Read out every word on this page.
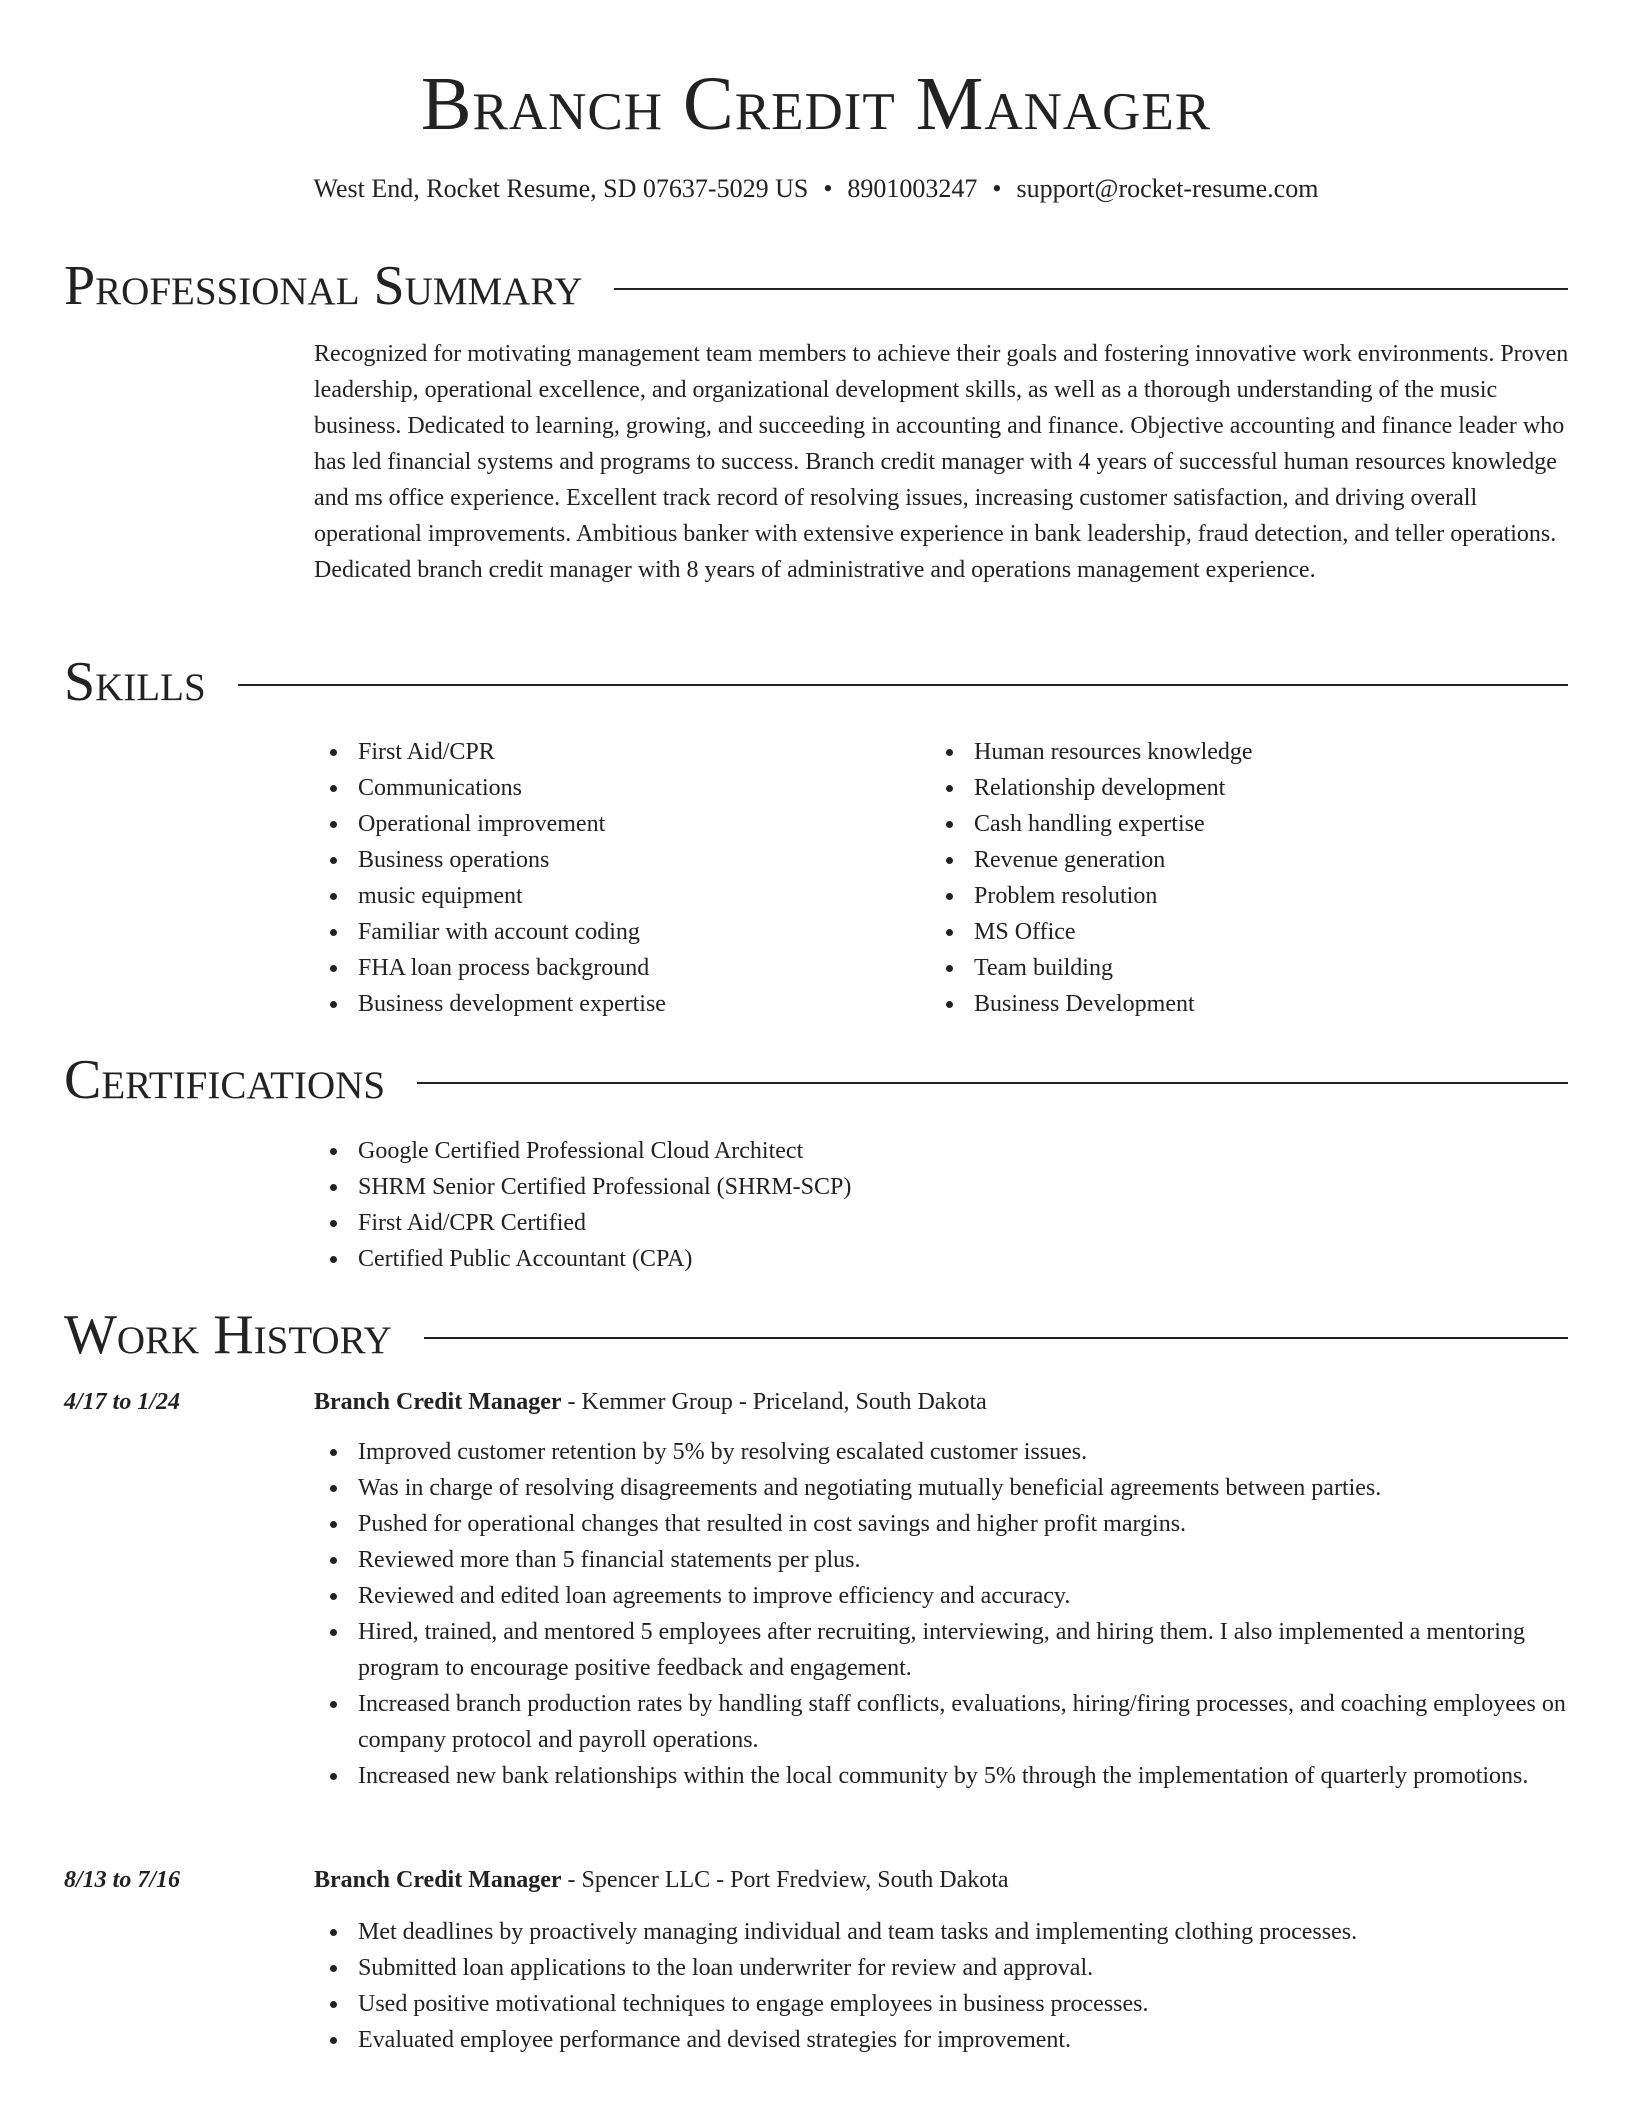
Branch Credit Manager
West End, Rocket Resume, SD 07637-5029 US • 8901003247 • support@rocket-resume.com
Professional Summary

Recognized for motivating management team members to achieve their goals and fostering innovative work environments. Proven leadership, operational excellence, and organizational development skills, as well as a thorough understanding of the music business. Dedicated to learning, growing, and succeeding in accounting and finance. Objective accounting and finance leader who has led financial systems and programs to success. Branch credit manager with 4 years of successful human resources knowledge and ms office experience. Excellent track record of resolving issues, increasing customer satisfaction, and driving overall operational improvements. Ambitious banker with extensive experience in bank leadership, fraud detection, and teller operations. Dedicated branch credit manager with 8 years of administrative and operations management experience.

Skills
First Aid/CPR
Communications
Operational improvement
Business operations
music equipment
Familiar with account coding
FHA loan process background
Business development expertise
Human resources knowledge
Relationship development
Cash handling expertise
Revenue generation
Problem resolution
MS Office
Team building
Business Development
Certifications
Google Certified Professional Cloud Architect
SHRM Senior Certified Professional (SHRM-SCP)
First Aid/CPR Certified
Certified Public Accountant (CPA)
Work History
4/17 to 1/24	Branch Credit Manager - Kemmer Group - Priceland, South Dakota
Improved customer retention by 5% by resolving escalated customer issues.
Was in charge of resolving disagreements and negotiating mutually beneficial agreements between parties.
Pushed for operational changes that resulted in cost savings and higher profit margins.
Reviewed more than 5 financial statements per plus.
Reviewed and edited loan agreements to improve efficiency and accuracy.
Hired, trained, and mentored 5 employees after recruiting, interviewing, and hiring them. I also implemented a mentoring program to encourage positive feedback and engagement.
Increased branch production rates by handling staff conflicts, evaluations, hiring/firing processes, and coaching employees on company protocol and payroll operations.
Increased new bank relationships within the local community by 5% through the implementation of quarterly promotions.
8/13 to 7/16	Branch Credit Manager - Spencer LLC - Port Fredview, South Dakota
Met deadlines by proactively managing individual and team tasks and implementing clothing processes.
Submitted loan applications to the loan underwriter for review and approval.
Used positive motivational techniques to engage employees in business processes.
Evaluated employee performance and devised strategies for improvement.
